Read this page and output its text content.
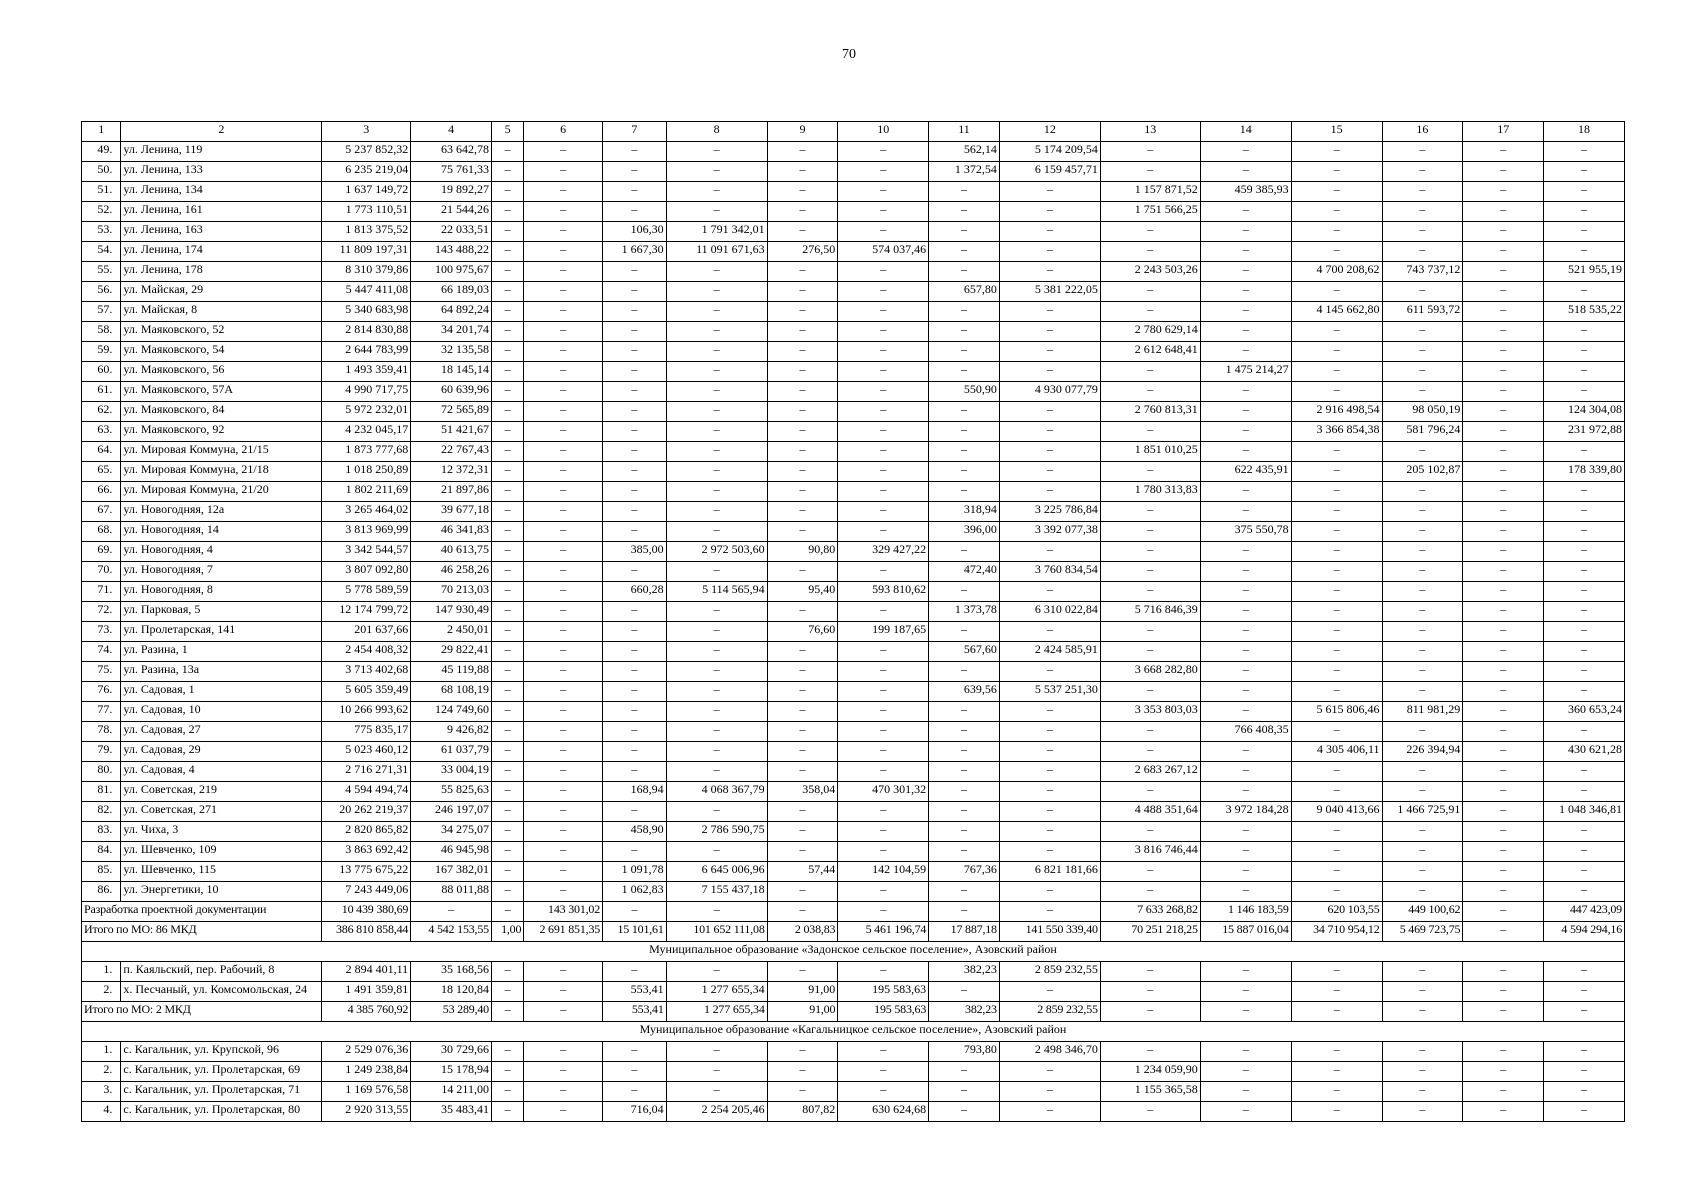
70
1	2	3	4	5	6	7	8	9	10	11	12	13	14	15	16	17	18
49.	ул. Ленина, 119	5 237 852,32	63 642,78	–	–	–	–	–	–	562,14	5 174 209,54	–	–	–	–	–	–
50.	ул. Ленина, 133	6 235 219,04	75 761,33	–	–	–	–	–	–	1 372,54	6 159 457,71	–	–	–	–	–	–
51.	ул. Ленина, 134	1 637 149,72	19 892,27	–	–	–	–	–	–	–	–	1 157 871,52	459 385,93	–	–	–	–
52.	ул. Ленина, 161	1 773 110,51	21 544,26	–	–	–	–	–	–	–	–	1 751 566,25	–	–	–	–	–
53.	ул. Ленина, 163	1 813 375,52	22 033,51	–	–	106,30	1 791 342,01	–	–	–	–	–	–	–	–	–	–
54.	ул. Ленина, 174	11 809 197,31	143 488,22	–	–	1 667,30	11 091 671,63	276,50	574 037,46	–	–	–	–	–	–	–	–
55.	ул. Ленина, 178	8 310 379,86	100 975,67	–	–	–	–	–	–	–	–	2 243 503,26	–	4 700 208,62	743 737,12	–	521 955,19
56.	ул. Майская, 29	5 447 411,08	66 189,03	–	–	–	–	–	–	657,80	5 381 222,05	–	–	–	–	–	–
57.	ул. Майская, 8	5 340 683,98	64 892,24	–	–	–	–	–	–	–	–	–	–	4 145 662,80	611 593,72	–	518 535,22
58.	ул. Маяковского, 52	2 814 830,88	34 201,74	–	–	–	–	–	–	–	–	2 780 629,14	–	–	–	–	–
59.	ул. Маяковского, 54	2 644 783,99	32 135,58	–	–	–	–	–	–	–	–	2 612 648,41	–	–	–	–	–
60.	ул. Маяковского, 56	1 493 359,41	18 145,14	–	–	–	–	–	–	–	–	–	1 475 214,27	–	–	–	–
61.	ул. Маяковского, 57А	4 990 717,75	60 639,96	–	–	–	–	–	–	550,90	4 930 077,79	–	–	–	–	–	–
62.	ул. Маяковского, 84	5 972 232,01	72 565,89	–	–	–	–	–	–	–	–	2 760 813,31	–	2 916 498,54	98 050,19	–	124 304,08
63.	ул. Маяковского, 92	4 232 045,17	51 421,67	–	–	–	–	–	–	–	–	–	–	3 366 854,38	581 796,24	–	231 972,88
64.	ул. Мировая Коммуна, 21/15	1 873 777,68	22 767,43	–	–	–	–	–	–	–	–	1 851 010,25	–	–	–	–	–
65.	ул. Мировая Коммуна, 21/18	1 018 250,89	12 372,31	–	–	–	–	–	–	–	–	–	622 435,91	–	205 102,87	–	178 339,80
66.	ул. Мировая Коммуна, 21/20	1 802 211,69	21 897,86	–	–	–	–	–	–	–	–	1 780 313,83	–	–	–	–	–
67.	ул. Новогодняя, 12а	3 265 464,02	39 677,18	–	–	–	–	–	–	318,94	3 225 786,84	–	–	–	–	–	–
68.	ул. Новогодняя, 14	3 813 969,99	46 341,83	–	–	–	–	–	–	396,00	3 392 077,38	–	375 550,78	–	–	–	–
69.	ул. Новогодняя, 4	3 342 544,57	40 613,75	–	–	385,00	2 972 503,60	90,80	329 427,22	–	–	–	–	–	–	–	–
70.	ул. Новогодняя, 7	3 807 092,80	46 258,26	–	–	–	–	–	–	472,40	3 760 834,54	–	–	–	–	–	–
71.	ул. Новогодняя, 8	5 778 589,59	70 213,03	–	–	660,28	5 114 565,94	95,40	593 810,62	–	–	–	–	–	–	–	–
72.	ул. Парковая, 5	12 174 799,72	147 930,49	–	–	–	–	–	–	1 373,78	6 310 022,84	5 716 846,39	–	–	–	–	–
73.	ул. Пролетарская, 141	201 637,66	2 450,01	–	–	–	–	76,60	199 187,65	–	–	–	–	–	–	–	–
74.	ул. Разина, 1	2 454 408,32	29 822,41	–	–	–	–	–	–	567,60	2 424 585,91	–	–	–	–	–	–
75.	ул. Разина, 13а	3 713 402,68	45 119,88	–	–	–	–	–	–	–	–	3 668 282,80	–	–	–	–	–
76.	ул. Садовая, 1	5 605 359,49	68 108,19	–	–	–	–	–	–	639,56	5 537 251,30	–	–	–	–	–	–
77.	ул. Садовая, 10	10 266 993,62	124 749,60	–	–	–	–	–	–	–	–	3 353 803,03	–	5 615 806,46	811 981,29	–	360 653,24
78.	ул. Садовая, 27	775 835,17	9 426,82	–	–	–	–	–	–	–	–	–	766 408,35	–	–	–	–
79.	ул. Садовая, 29	5 023 460,12	61 037,79	–	–	–	–	–	–	–	–	–	–	4 305 406,11	226 394,94	–	430 621,28
80.	ул. Садовая, 4	2 716 271,31	33 004,19	–	–	–	–	–	–	–	–	2 683 267,12	–	–	–	–	–
81.	ул. Советская, 219	4 594 494,74	55 825,63	–	–	168,94	4 068 367,79	358,04	470 301,32	–	–	–	–	–	–	–	–
82.	ул. Советская, 271	20 262 219,37	246 197,07	–	–	–	–	–	–	–	–	4 488 351,64	3 972 184,28	9 040 413,66	1 466 725,91	–	1 048 346,81
83.	ул. Чиха, 3	2 820 865,82	34 275,07	–	–	458,90	2 786 590,75	–	–	–	–	–	–	–	–	–	–
84.	ул. Шевченко, 109	3 863 692,42	46 945,98	–	–	–	–	–	–	–	–	3 816 746,44	–	–	–	–	–
85.	ул. Шевченко, 115	13 775 675,22	167 382,01	–	–	1 091,78	6 645 006,96	57,44	142 104,59	767,36	6 821 181,66	–	–	–	–	–	–
86.	ул. Энергетики, 10	7 243 449,06	88 011,88	–	–	1 062,83	7 155 437,18	–	–	–	–	–	–	–	–	–	–
Разработка проектной документации		10 439 380,69	–	–	143 301,02	–	–	–	–	–	–	7 633 268,82	1 146 183,59	620 103,55	449 100,62	–	447 423,09
Итого по МО: 86 МКД		386 810 858,44	4 542 153,55	1,00	2 691 851,35	15 101,61	101 652 111,08	2 038,83	5 461 196,74	17 887,18	141 550 339,40	70 251 218,25	15 887 016,04	34 710 954,12	5 469 723,75	–	4 594 294,16
Муниципальное образование «Задонское сельское поселение», Азовский район																	
1.	п. Каяльский, пер. Рабочий, 8	2 894 401,11	35 168,56	–	–	–	–	–	–	382,23	2 859 232,55	–	–	–	–	–	–
2.	х. Песчаный, ул. Комсомольская, 24	1 491 359,81	18 120,84	–	–	553,41	1 277 655,34	91,00	195 583,63	–	–	–	–	–	–	–	–
Итого по МО: 2 МКД		4 385 760,92	53 289,40	–	–	553,41	1 277 655,34	91,00	195 583,63	382,23	2 859 232,55	–	–	–	–	–	–
Муниципальное образование «Кагальницкое сельское поселение», Азовский район																	
1.	с. Кагальник, ул. Крупской, 96	2 529 076,36	30 729,66	–	–	–	–	–	–	793,80	2 498 346,70	–	–	–	–	–	–
2.	с. Кагальник, ул. Пролетарская, 69	1 249 238,84	15 178,94	–	–	–	–	–	–	–	–	1 234 059,90	–	–	–	–	–
3.	с. Кагальник, ул. Пролетарская, 71	1 169 576,58	14 211,00	–	–	–	–	–	–	–	–	1 155 365,58	–	–	–	–	–
4.	с. Кагальник, ул. Пролетарская, 80	2 920 313,55	35 483,41	–	–	716,04	2 254 205,46	807,82	630 624,68	–	–	–	–	–	–	–	–
